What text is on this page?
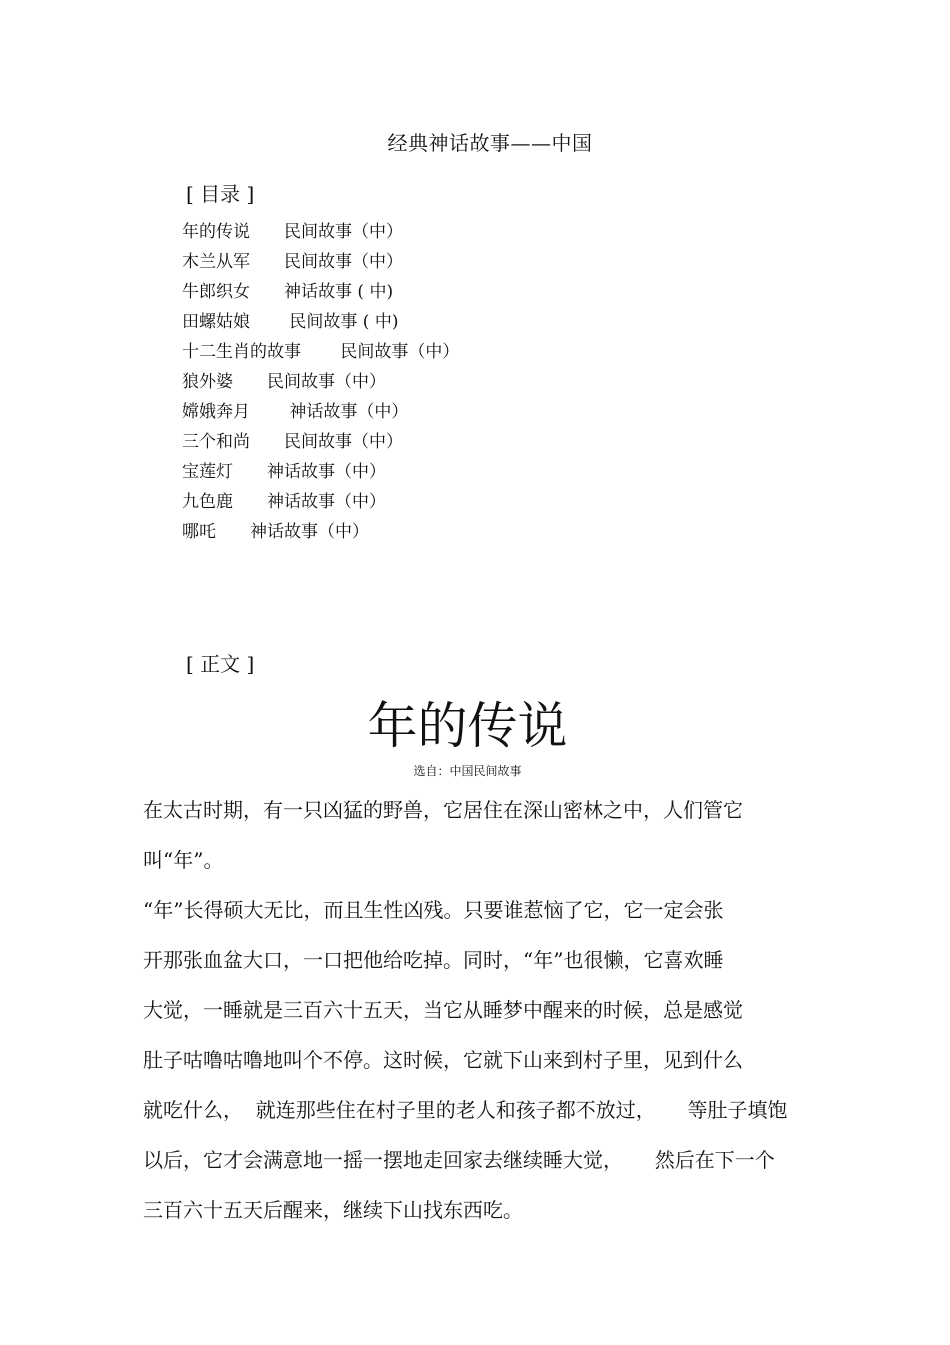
经典神话故事——中国
[ 目录 ]
年的传说 民间故事（中）
木兰从军 民间故事（中）
牛郎织女 神话故事 ( 中)
田螺姑娘 民间故事 ( 中)
十二生肖的故事 民间故事（中）
狼外婆 民间故事（中）
嫦娥奔月 神话故事（中）
三个和尚 民间故事（中）
宝莲灯 神话故事（中）
九色鹿 神话故事（中）
哪吒 神话故事（中）
[ 正文 ]
年的传说
选自：中国民间故事

在太古时期，有一只凶猛的野兽，它居住在深山密林之中，人们管它

叫“年”。

“年”长得硕大无比，而且生性凶残。只要谁惹恼了它，它一定会张

开那张血盆大口，一口把他给吃掉。同时，“年”也很懒，它喜欢睡

大觉，一睡就是三百六十五天，当它从睡梦中醒来的时候，总是感觉

肚子咕噜咕噜地叫个不停。这时候，它就下山来到村子里，见到什么

就吃什么，  就连那些住在村子里的老人和孩子都不放过，     等肚子填饱

以后，它才会满意地一摇一摆地走回家去继续睡大觉，     然后在下一个

三百六十五天后醒来，继续下山找东西吃。
